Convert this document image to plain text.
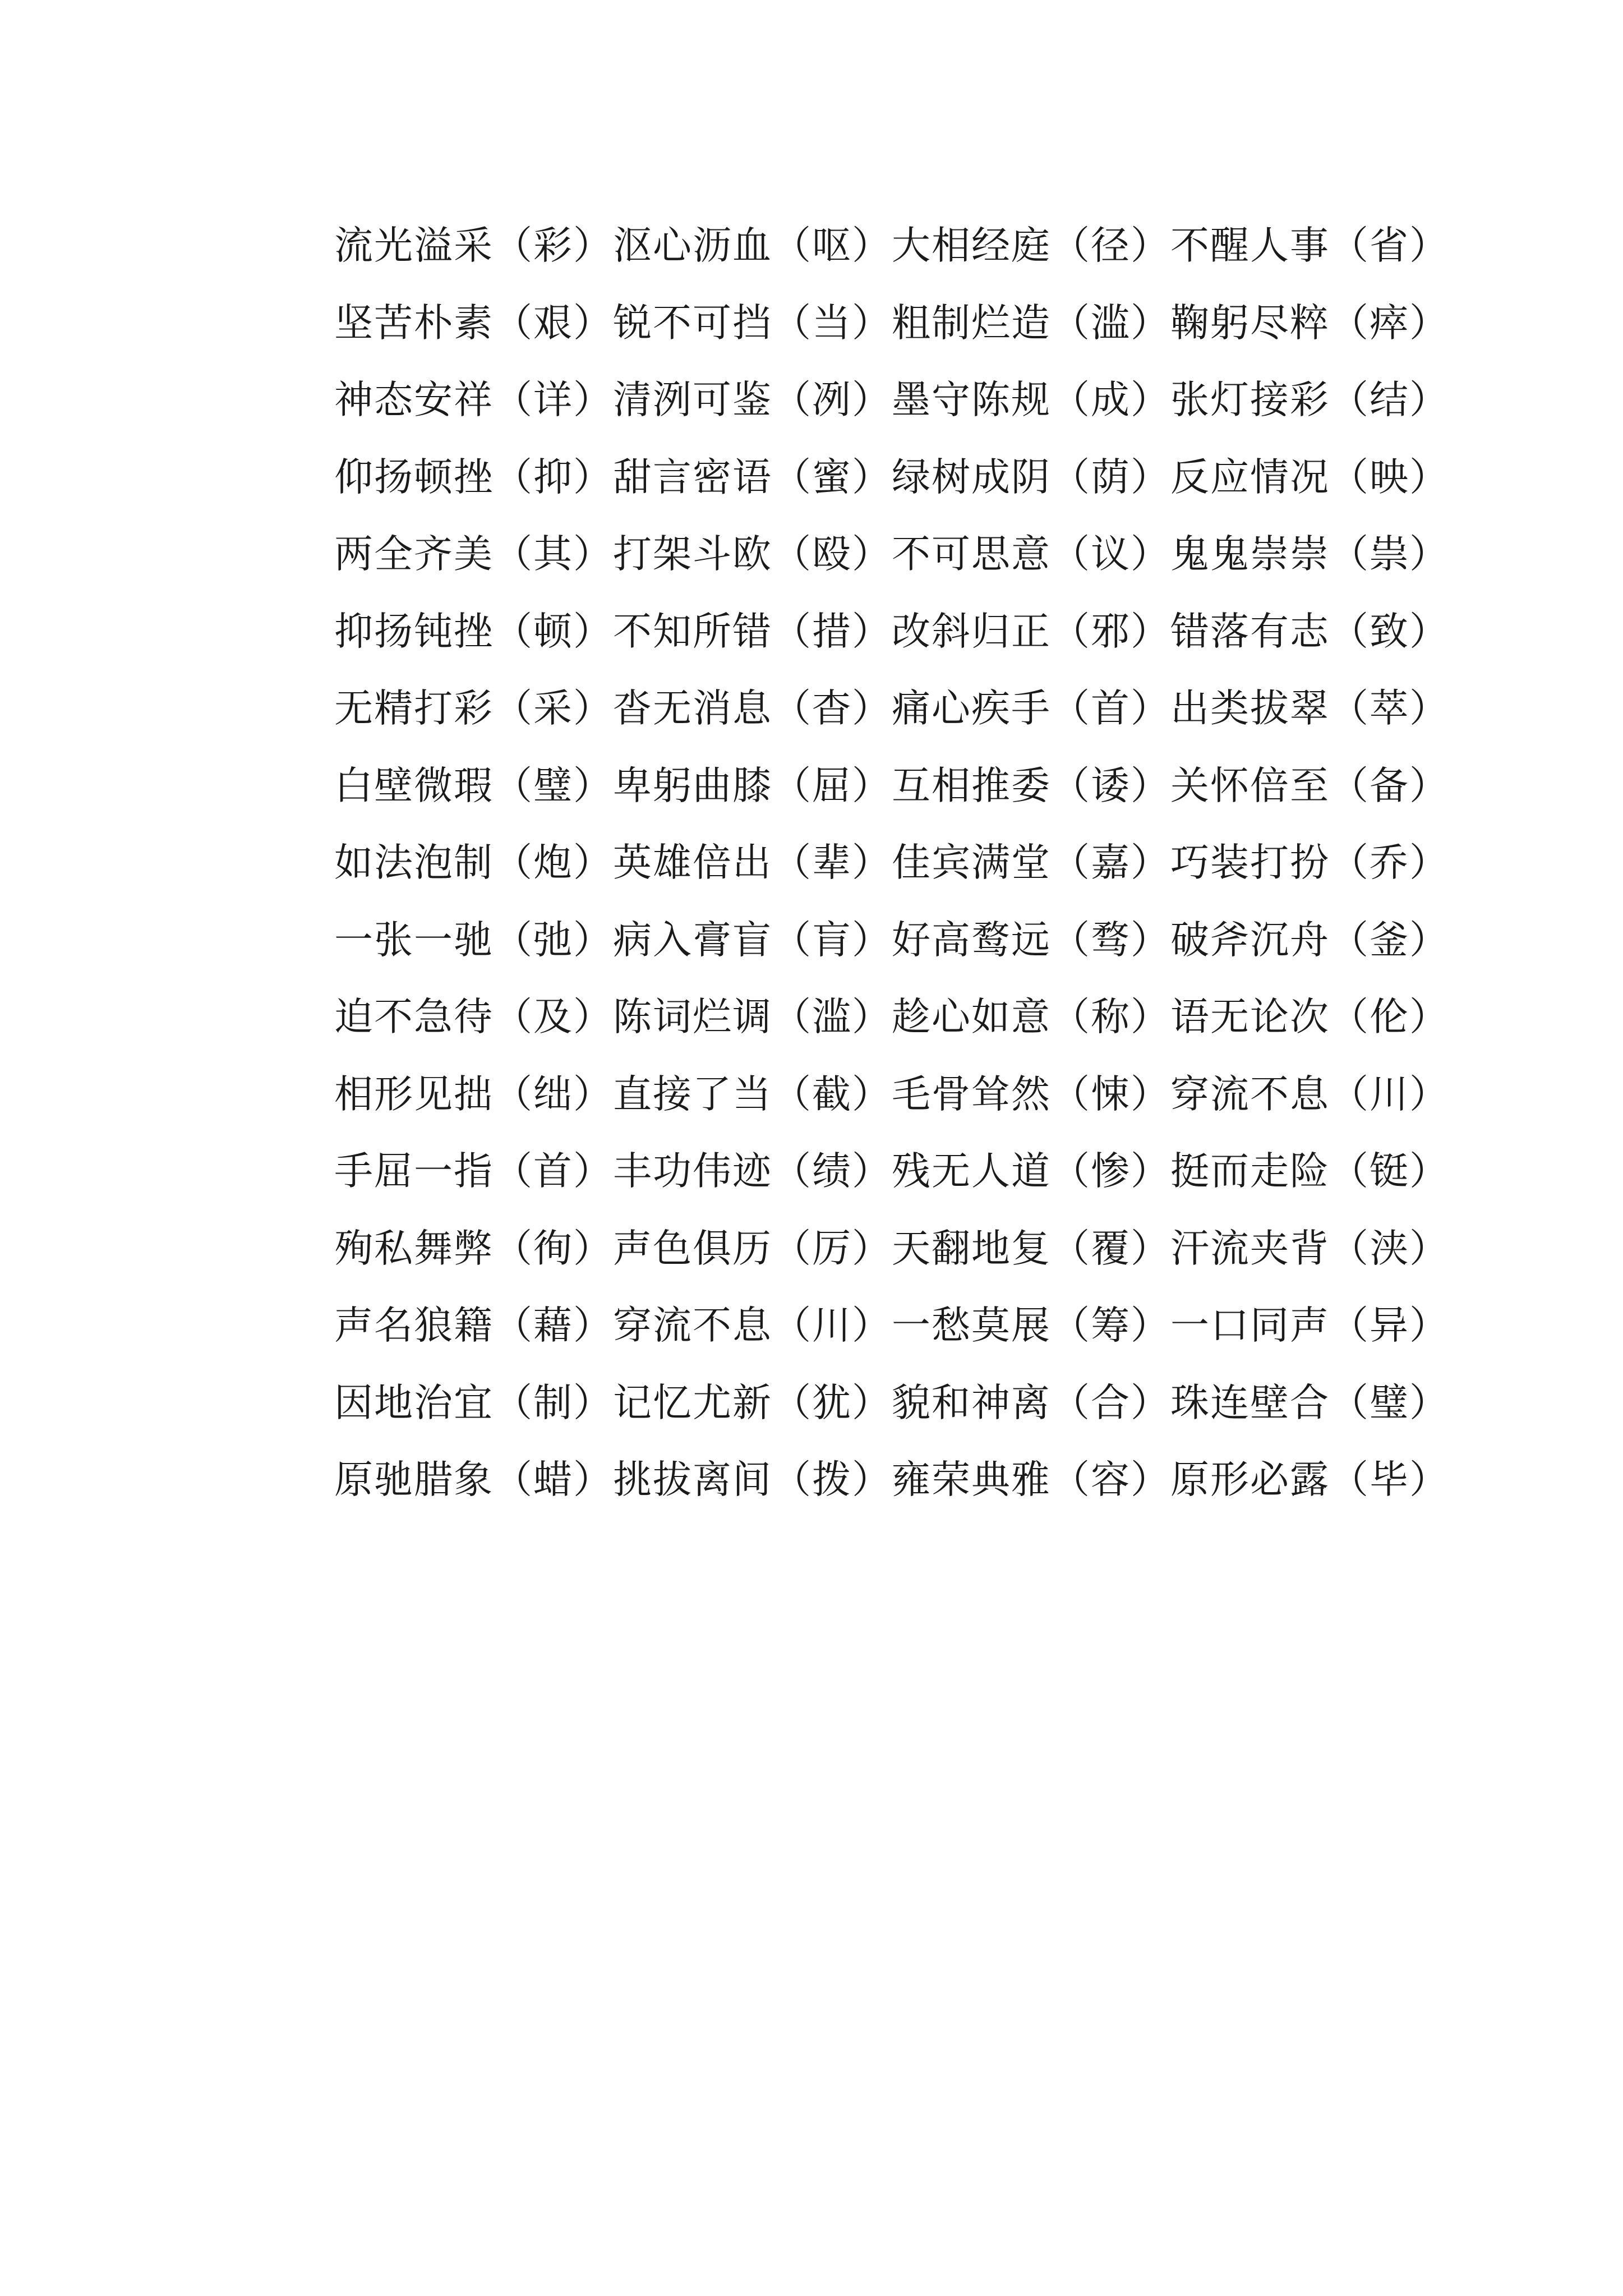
流光溢采（彩） 沤心沥血（呕） 大相经庭（径） 不醒人事（省）
坚苦朴素（艰） 锐不可挡（当） 粗制烂造（滥） 鞠躬尽粹（瘁）
神态安祥（详） 清洌可鉴（冽） 墨守陈规（成） 张灯接彩（结）
仰扬顿挫（抑） 甜言密语（蜜） 绿树成阴（荫） 反应情况（映）
两全齐美（其） 打架斗欧（殴） 不可思意（议） 鬼鬼崇崇（祟）
抑扬钝挫（顿） 不知所错（措） 改斜归正（邪） 错落有志（致）
无精打彩（采） 沓无消息（杳） 痛心疾手（首） 出类拔翠（萃）
白壁微瑕（璧） 卑躬曲膝（屈） 互相推委（诿） 关怀倍至（备）
如法泡制（炮） 英雄倍出（辈） 佳宾满堂（嘉） 巧装打扮（乔）
一张一驰（弛） 病入膏盲（肓） 好高鹜远（骛） 破斧沉舟（釜）
迫不急待（及） 陈词烂调（滥） 趁心如意（称） 语无论次（伦）
相形见拙（绌） 直接了当（截） 毛骨耸然（悚） 穿流不息（川）
手屈一指（首） 丰功伟迹（绩） 残无人道（惨） 挺而走险（铤）
殉私舞弊（徇） 声色俱历（厉） 天翻地复（覆） 汗流夹背（浃）
声名狼籍（藉） 穿流不息（川） 一愁莫展（筹） 一口同声（异）
因地治宜（制） 记忆尤新（犹） 貌和神离（合） 珠连壁合（璧）
原驰腊象（蜡） 挑拔离间（拨） 雍荣典雅（容） 原形必露（毕）
